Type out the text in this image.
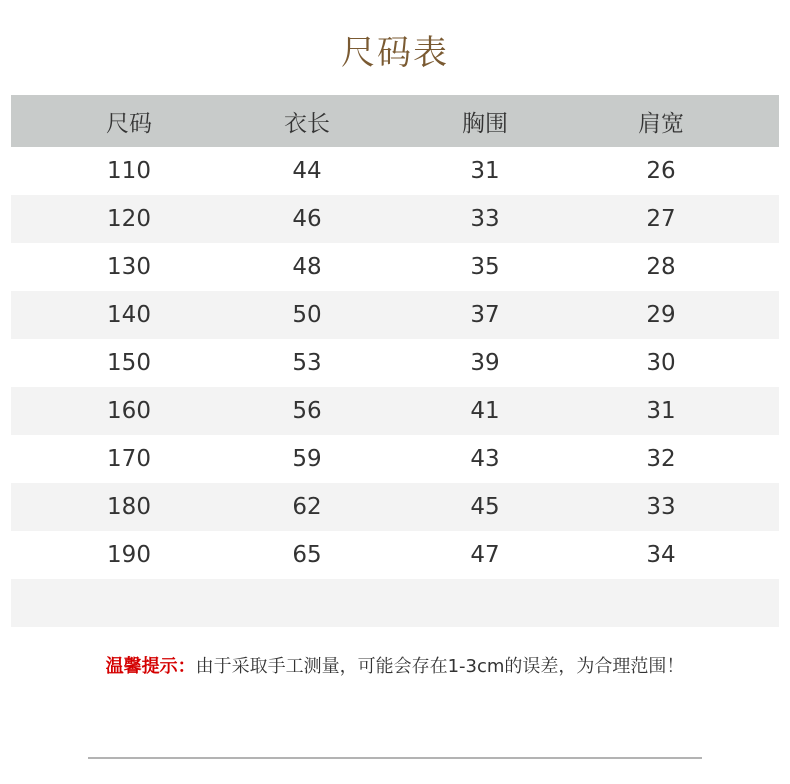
尺码表
尺码	衣长	胸围	肩宽
110	44	31	26
120	46	33	27
130	48	35	28
140	50	37	29
150	53	39	30
160	56	41	31
170	59	43	32
180	62	45	33
190	65	47	34
温馨提示：由于采取手工测量，可能会存在1-3cm的误差，为合理范围！
